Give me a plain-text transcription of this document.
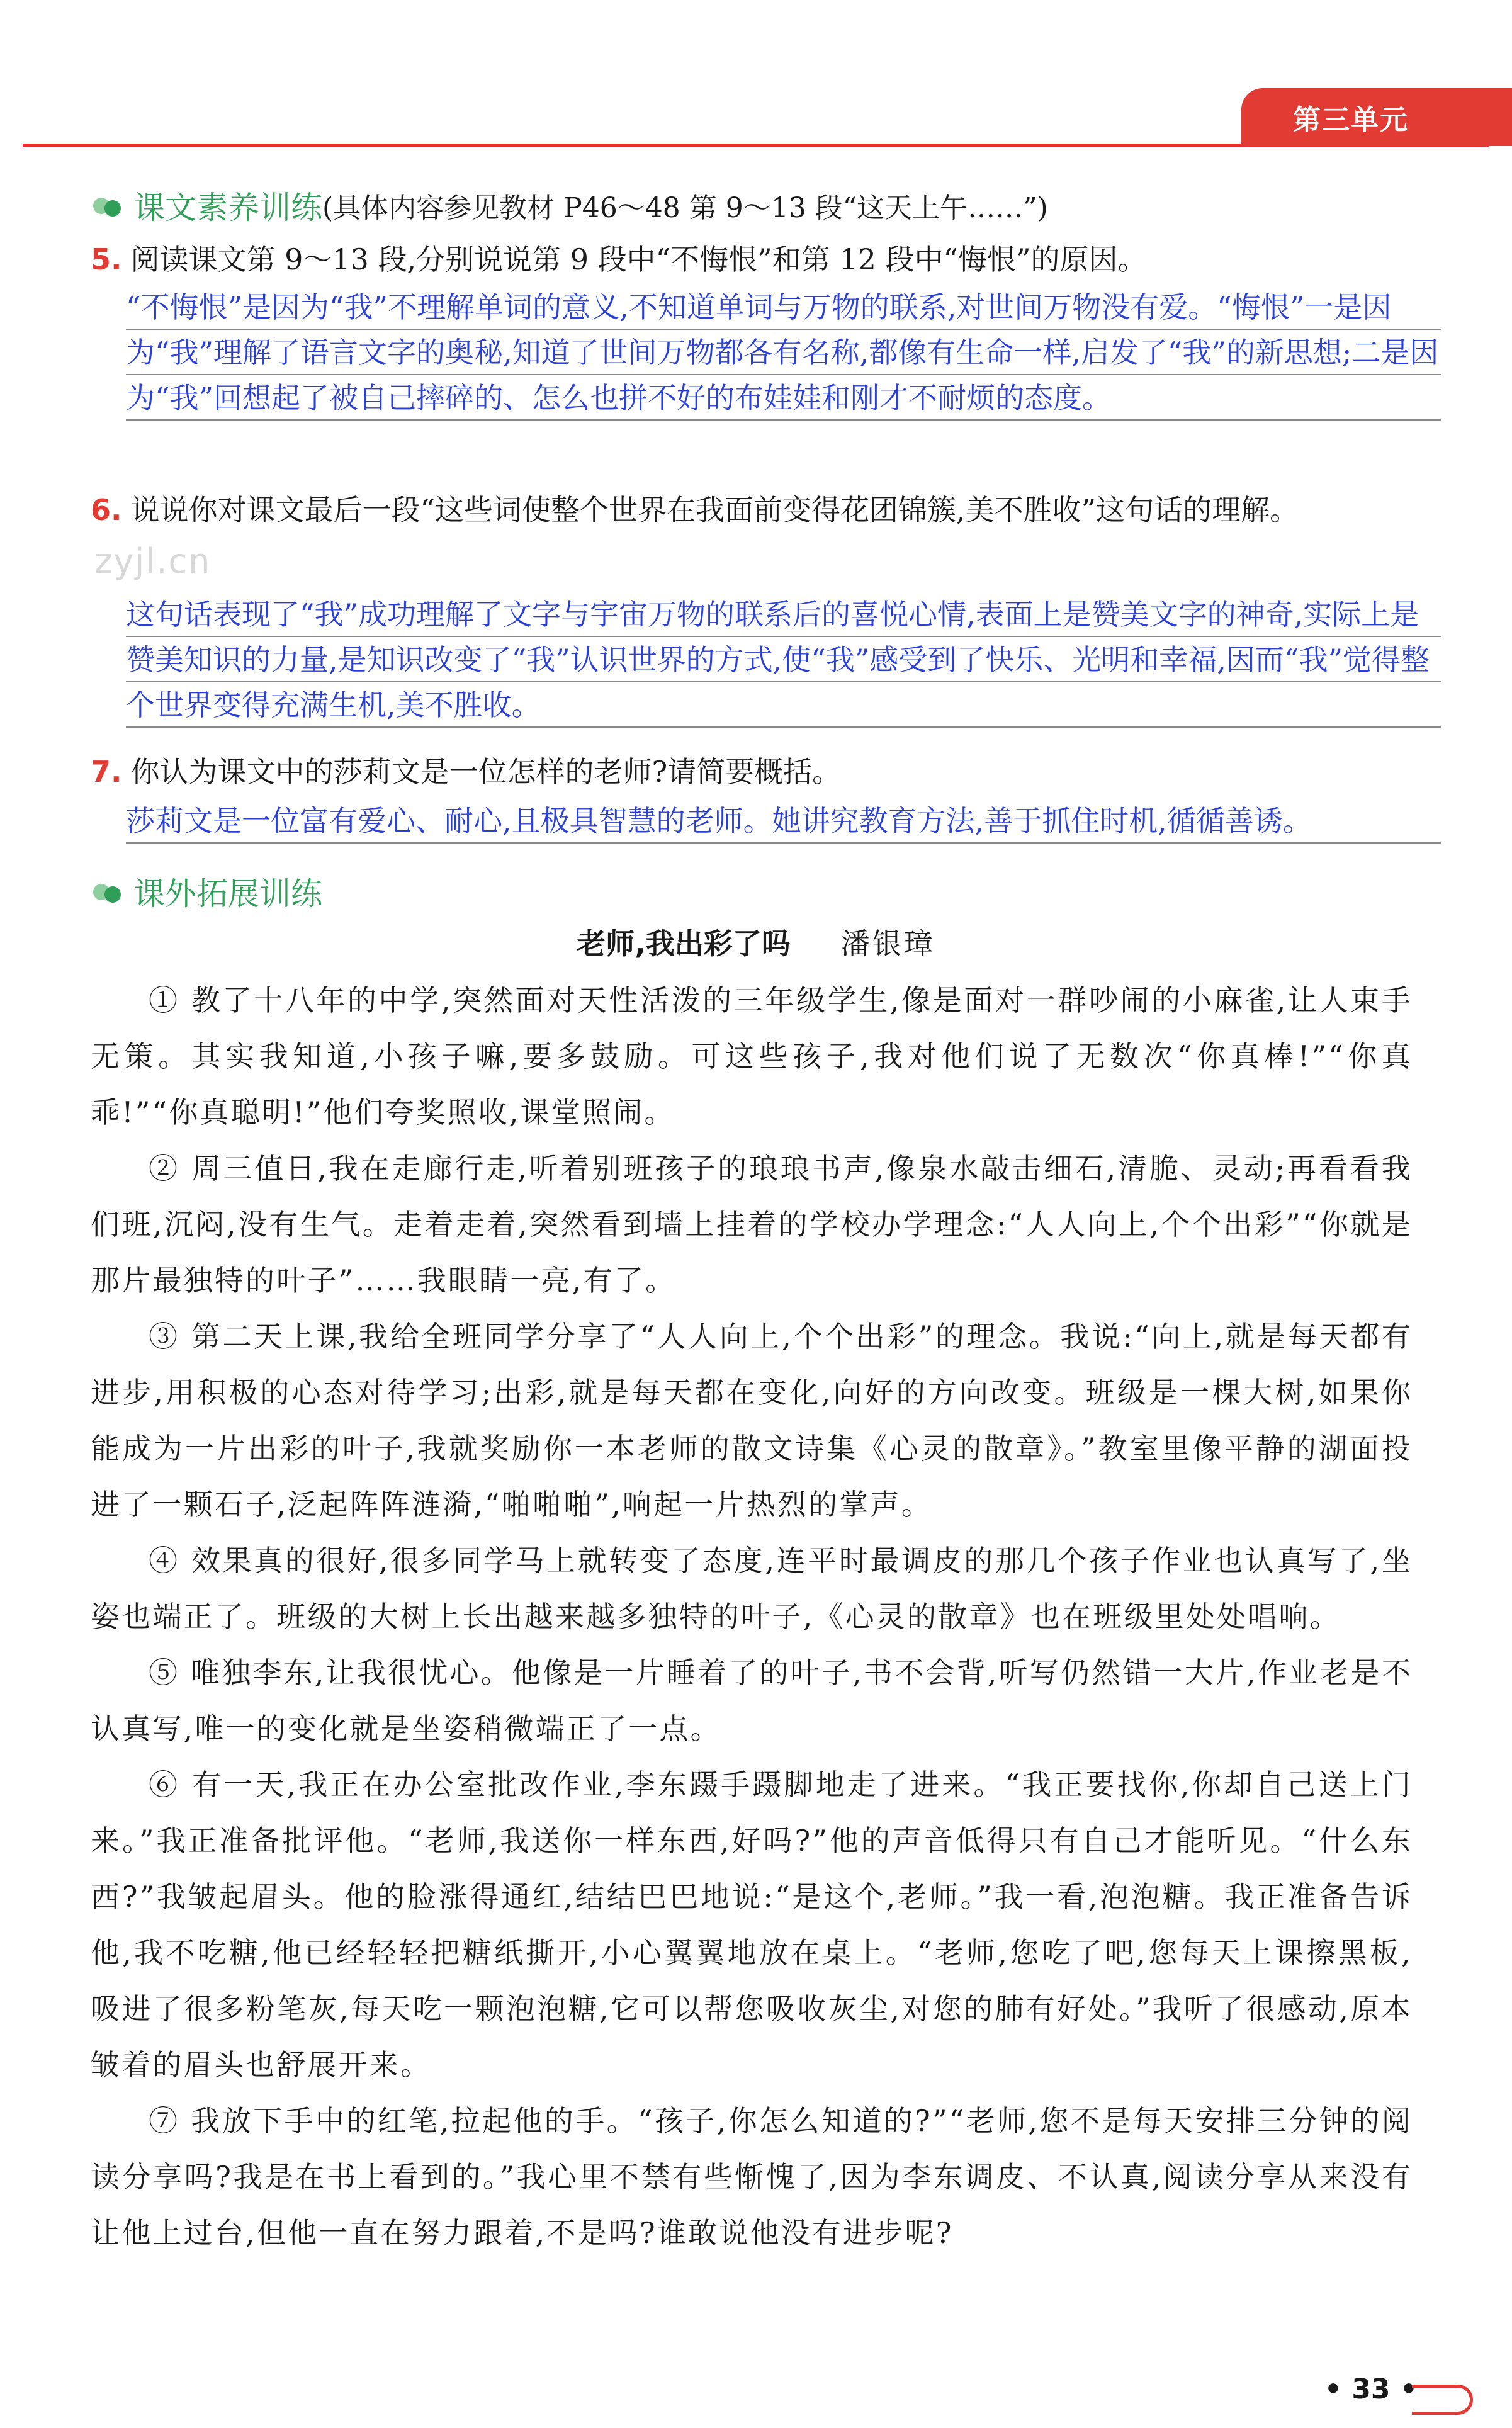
第三单元
zyjl.cn
课文素养训练 (具体内容参见教材 P46～48 第 9～13 段“这天上午……”)
5. 阅读课文第 9～13 段,分别说说第 9 段中“不悔恨”和第 12 段中“悔恨”的原因。
“不悔恨”是因为“我”不理解单词的意义,不知道单词与万物的联系,对世间万物没有爱。“悔恨”一是因为“我”理解了语言文字的奥秘,知道了世间万物都各有名称,都像有生命一样,启发了“我”的新思想;二是因为“我”回想起了被自己摔碎的、怎么也拼不好的布娃娃和刚才不耐烦的态度。
6. 说说你对课文最后一段“这些词使整个世界在我面前变得花团锦簇,美不胜收”这句话的理解。
这句话表现了“我”成功理解了文字与宇宙万物的联系后的喜悦心情,表面上是赞美文字的神奇,实际上是赞美知识的力量,是知识改变了“我”认识世界的方式,使“我”感受到了快乐、光明和幸福,因而“我”觉得整个世界变得充满生机,美不胜收。
7. 你认为课文中的莎莉文是一位怎样的老师?请简要概括。
莎莉文是一位富有爱心、耐心,且极具智慧的老师。她讲究教育方法,善于抓住时机,循循善诱。
课外拓展训练
老师,我出彩了吗 潘银璋

① 教了十八年的中学,突然面对天性活泼的三年级学生,像是面对一群吵闹的小麻雀,让人束手无策。其实我知道,小孩子嘛,要多鼓励。可这些孩子,我对他们说了无数次“你真棒!”“你真乖!”“你真聪明!”他们夸奖照收,课堂照闹。

② 周三值日,我在走廊行走,听着别班孩子的琅琅书声,像泉水敲击细石,清脆、灵动;再看看我们班,沉闷,没有生气。走着走着,突然看到墙上挂着的学校办学理念:“人人向上,个个出彩”“你就是那片最独特的叶子”……我眼睛一亮,有了。

③ 第二天上课,我给全班同学分享了“人人向上,个个出彩”的理念。我说:“向上,就是每天都有进步,用积极的心态对待学习;出彩,就是每天都在变化,向好的方向改变。班级是一棵大树,如果你能成为一片出彩的叶子,我就奖励你一本老师的散文诗集《心灵的散章》。”教室里像平静的湖面投进了一颗石子,泛起阵阵涟漪,“啪啪啪”,响起一片热烈的掌声。

④ 效果真的很好,很多同学马上就转变了态度,连平时最调皮的那几个孩子作业也认真写了,坐姿也端正了。班级的大树上长出越来越多独特的叶子,《心灵的散章》也在班级里处处唱响。

⑤ 唯独李东,让我很忧心。他像是一片睡着了的叶子,书不会背,听写仍然错一大片,作业老是不认真写,唯一的变化就是坐姿稍微端正了一点。

⑥ 有一天,我正在办公室批改作业,李东蹑手蹑脚地走了进来。“我正要找你,你却自己送上门来。”我正准备批评他。“老师,我送你一样东西,好吗?”他的声音低得只有自己才能听见。“什么东西?”我皱起眉头。他的脸涨得通红,结结巴巴地说:“是这个,老师。”我一看,泡泡糖。我正准备告诉他,我不吃糖,他已经轻轻把糖纸撕开,小心翼翼地放在桌上。“老师,您吃了吧,您每天上课擦黑板,吸进了很多粉笔灰,每天吃一颗泡泡糖,它可以帮您吸收灰尘,对您的肺有好处。”我听了很感动,原本皱着的眉头也舒展开来。

⑦ 我放下手中的红笔,拉起他的手。“孩子,你怎么知道的?”“老师,您不是每天安排三分钟的阅读分享吗?我是在书上看到的。”我心里不禁有些惭愧了,因为李东调皮、不认真,阅读分享从来没有让他上过台,但他一直在努力跟着,不是吗?谁敢说他没有进步呢?

• 33 •
